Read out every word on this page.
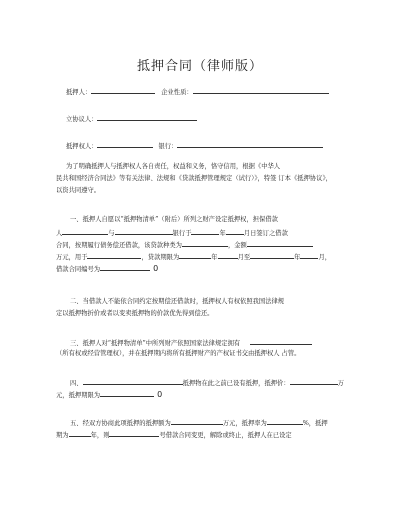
抵押合同（律师版）
抵押人：	企业性质：
立协议人：
抵押权人：	银行：
为了明确抵押人与抵押权人各自责任，权益和义务，恪守信用，根据《中华人
民共和国经济合同法》等有关法律、法规和《贷款抵押管理规定（试行）》，特签 订本《抵押协议》，
以资共同遵守。
一、抵押人自愿以“抵押物清单”（附后）所列之财产设定抵押权，担保借款
人	与	银行于	年	月日签订之借款
合同，按期履行债务偿还借款，该贷款种类为	，金额
万元，用于	，贷款期限为	年	月至	年	月，
借款合同编号为	0
二、当借款人不能依合同约定按期偿还借款时，抵押权人有权依照我国法律规
定以抵押物折价或者以变卖抵押物的价款优先得到偿还。
三、抵押人对“抵押物清单”中所列财产依照国家法律规定拥有
（所有权或经营管理权），并在抵押期内将所有抵押财产的产权证书交由抵押权人 占管。
四、	抵押物在此之前已设有抵押，抵押价：	万
元，抵押期限为	0
五、经双方协商此项抵押的抵押额为	万元，抵押率为	%，抵押
期为	年，则	号借款合同变更，解除或终止，抵押人在已设定
